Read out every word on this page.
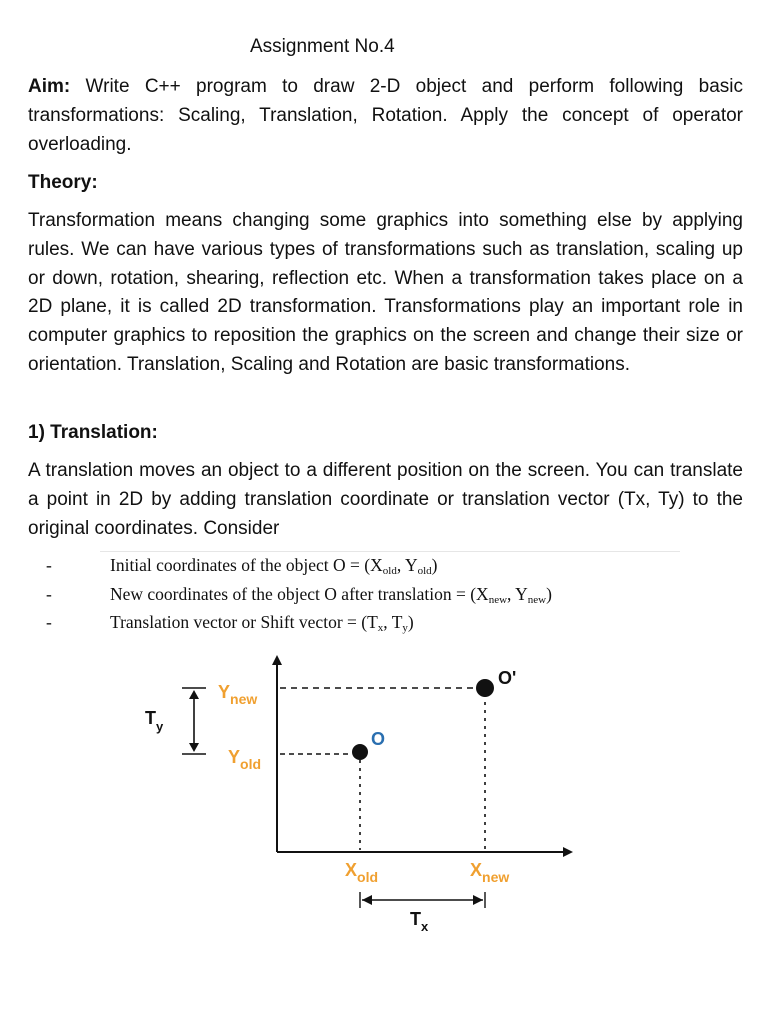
Assignment No.4
Aim: Write C++ program to draw 2-D object and perform following basic transformations: Scaling, Translation, Rotation. Apply the concept of operator overloading.
Theory:
Transformation means changing some graphics into something else by applying rules. We can have various types of transformations such as translation, scaling up or down, rotation, shearing, reflection etc. When a transformation takes place on a 2D plane, it is called 2D transformation. Transformations play an important role in computer graphics to reposition the graphics on the screen and change their size or orientation. Translation, Scaling and Rotation are basic transformations.
1) Translation:
A translation moves an object to a different position on the screen. You can translate a point in 2D by adding translation coordinate or translation vector (Tx, Ty) to the original coordinates. Consider
-	Initial coordinates of the object $O = (X_{old}$, $Y_{old}$)
-	New coordinates of the object O after translation = ($X_{new}$, $Y_{new}$)
-	Translation vector or Shift vector = ($T_x$, $T_y$)
O
O'
$Y_{new}$
$Y_{old}$
$X_{old}$	$X_{new}$
$T_y$
$T_x$
